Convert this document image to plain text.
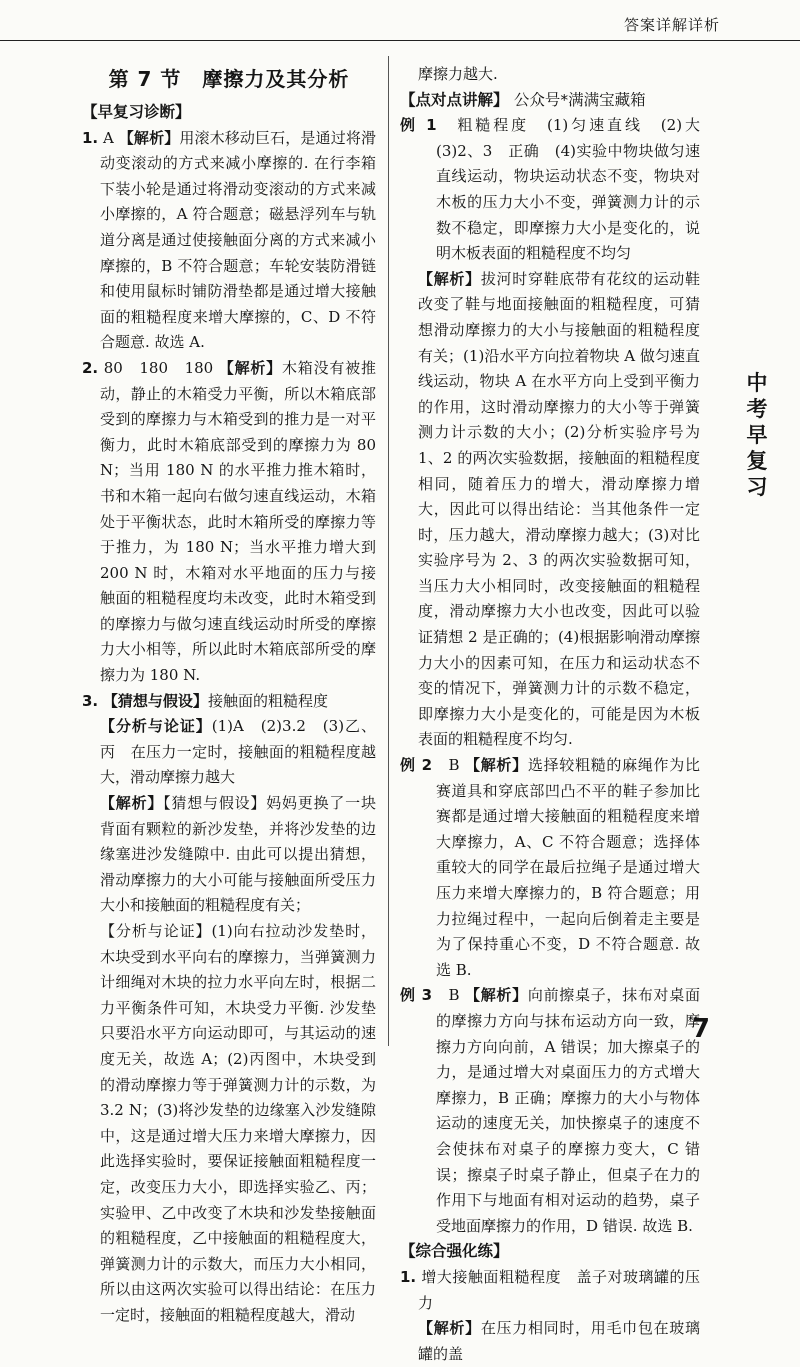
答案详解详析
第 7 节　摩擦力及其分析
【早复习诊断】

1. A 【解析】用滚木移动巨石，是通过将滑动变滚动的方式来减小摩擦的. 在行李箱下装小轮是通过将滑动变滚动的方式来减小摩擦的，A 符合题意；磁悬浮列车与轨道分离是通过使接触面分离的方式来减小摩擦的，B 不符合题意；车轮安装防滑链和使用鼠标时铺防滑垫都是通过增大接触面的粗糙程度来增大摩擦的，C、D 不符合题意. 故选 A.

2. 80　180　180 【解析】木箱没有被推动，静止的木箱受力平衡，所以木箱底部受到的摩擦力与木箱受到的推力是一对平衡力，此时木箱底部受到的摩擦力为 80 N；当用 180 N 的水平推力推木箱时，书和木箱一起向右做匀速直线运动，木箱处于平衡状态，此时木箱所受的摩擦力等于推力，为 180 N；当水平推力增大到 200 N 时，木箱对水平地面的压力与接触面的粗糙程度均未改变，此时木箱受到的摩擦力与做匀速直线运动时所受的摩擦力大小相等，所以此时木箱底部所受的摩擦力为 180 N.

3. 【猜想与假设】接触面的粗糙程度

【分析与论证】(1)A　(2)3.2　(3)乙、丙　在压力一定时，接触面的粗糙程度越大，滑动摩擦力越大

【解析】【猜想与假设】妈妈更换了一块背面有颗粒的新沙发垫，并将沙发垫的边缘塞进沙发缝隙中. 由此可以提出猜想，滑动摩擦力的大小可能与接触面所受压力大小和接触面的粗糙程度有关；

【分析与论证】(1)向右拉动沙发垫时，木块受到水平向右的摩擦力，当弹簧测力计细绳对木块的拉力水平向左时，根据二力平衡条件可知，木块受力平衡. 沙发垫只要沿水平方向运动即可，与其运动的速度无关，故选 A；(2)丙图中，木块受到的滑动摩擦力等于弹簧测力计的示数，为 3.2 N；(3)将沙发垫的边缘塞入沙发缝隙中，这是通过增大压力来增大摩擦力，因此选择实验时，要保证接触面粗糙程度一定，改变压力大小，即选择实验乙、丙；实验甲、乙中改变了木块和沙发垫接触面的粗糙程度，乙中接触面的粗糙程度大，弹簧测力计的示数大，而压力大小相同，所以由这两次实验可以得出结论：在压力一定时，接触面的粗糙程度越大，滑动

摩擦力越大.

【点对点讲解】 公众号*满满宝藏箱

例 1　 粗糙程度　(1)匀速直线　(2)大　(3)2、3　正确　(4)实验中物块做匀速直线运动，物块运动状态不变，物块对木板的压力大小不变，弹簧测力计的示数不稳定，即摩擦力大小是变化的，说明木板表面的粗糙程度不均匀

【解析】拔河时穿鞋底带有花纹的运动鞋改变了鞋与地面接触面的粗糙程度，可猜想滑动摩擦力的大小与接触面的粗糙程度有关；(1)沿水平方向拉着物块 A 做匀速直线运动，物块 A 在水平方向上受到平衡力的作用，这时滑动摩擦力的大小等于弹簧测力计示数的大小；(2)分析实验序号为 1、2 的两次实验数据，接触面的粗糙程度相同，随着压力的增大，滑动摩擦力增大，因此可以得出结论：当其他条件一定时，压力越大，滑动摩擦力越大；(3)对比实验序号为 2、3 的两次实验数据可知，当压力大小相同时，改变接触面的粗糙程度，滑动摩擦力大小也改变，因此可以验证猜想 2 是正确的；(4)根据影响滑动摩擦力大小的因素可知，在压力和运动状态不变的情况下，弹簧测力计的示数不稳定，即摩擦力大小是变化的，可能是因为木板表面的粗糙程度不均匀.

例 2　 B 【解析】选择较粗糙的麻绳作为比赛道具和穿底部凹凸不平的鞋子参加比赛都是通过增大接触面的粗糙程度来增大摩擦力，A、C 不符合题意；选择体重较大的同学在最后拉绳子是通过增大压力来增大摩擦力的，B 符合题意；用力拉绳过程中，一起向后倒着走主要是为了保持重心不变，D 不符合题意. 故选 B.

例 3　 B 【解析】向前擦桌子，抹布对桌面的摩擦力方向与抹布运动方向一致，摩擦力方向向前，A 错误；加大擦桌子的力，是通过增大对桌面压力的方式增大摩擦力，B 正确；摩擦力的大小与物体运动的速度无关，加快擦桌子的速度不会使抹布对桌子的摩擦力变大，C 错误；擦桌子时桌子静止，但桌子在力的作用下与地面有相对运动的趋势，桌子受地面摩擦力的作用，D 错误. 故选 B.

【综合强化练】

1. 增大接触面粗糙程度　盖子对玻璃罐的压力

【解析】在压力相同时，用毛巾包在玻璃罐的盖

中考早复习
7
